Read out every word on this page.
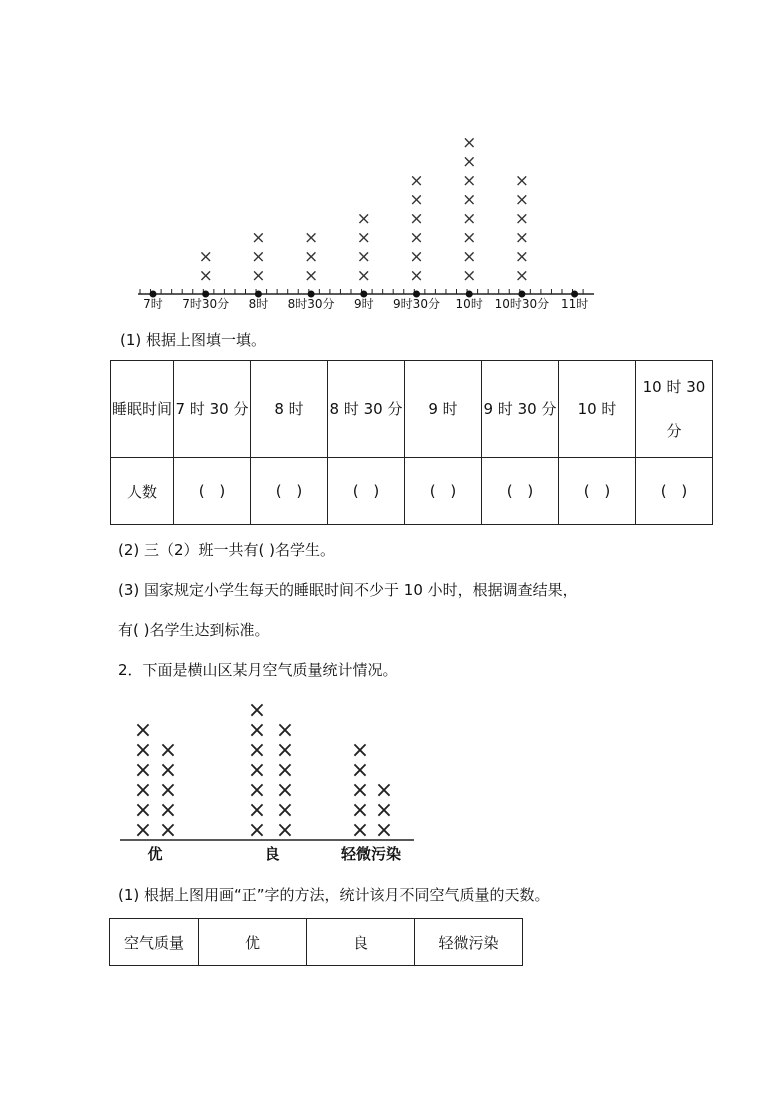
7时 7时30分
×
×
8时
×
×
×
8时30分
×
×
×
9时
×
×
×
×
9时30分
×
×
×
×
×
×
10时
×
×
×
×
×
×
×
×
10时30分
×
×
×
×
×
×
11时
(1) 根据上图填一填。
睡眠时间	7 时 30 分	8 时	8 时 30 分	9 时	9 时 30 分	10 时	10 时 30 分
人数	( )	( )	( )	( )	( )	( )	( )
(2) 三（2）班一共有( )名学生。
(3) 国家规定小学生每天的睡眠时间不少于 10 小时，根据调查结果，
有( )名学生达到标准。
2．下面是横山区某月空气质量统计情况。
×
×
×
×
×
×
×
×
×
×
×
优
×
×
×
×
×
×
×
×
×
×
×
×
×
良
×
×
×
×
×
×
×
×
轻微污染
(1) 根据上图用画“正”字的方法，统计该月不同空气质量的天数。
空气质量	优	良	轻微污染
